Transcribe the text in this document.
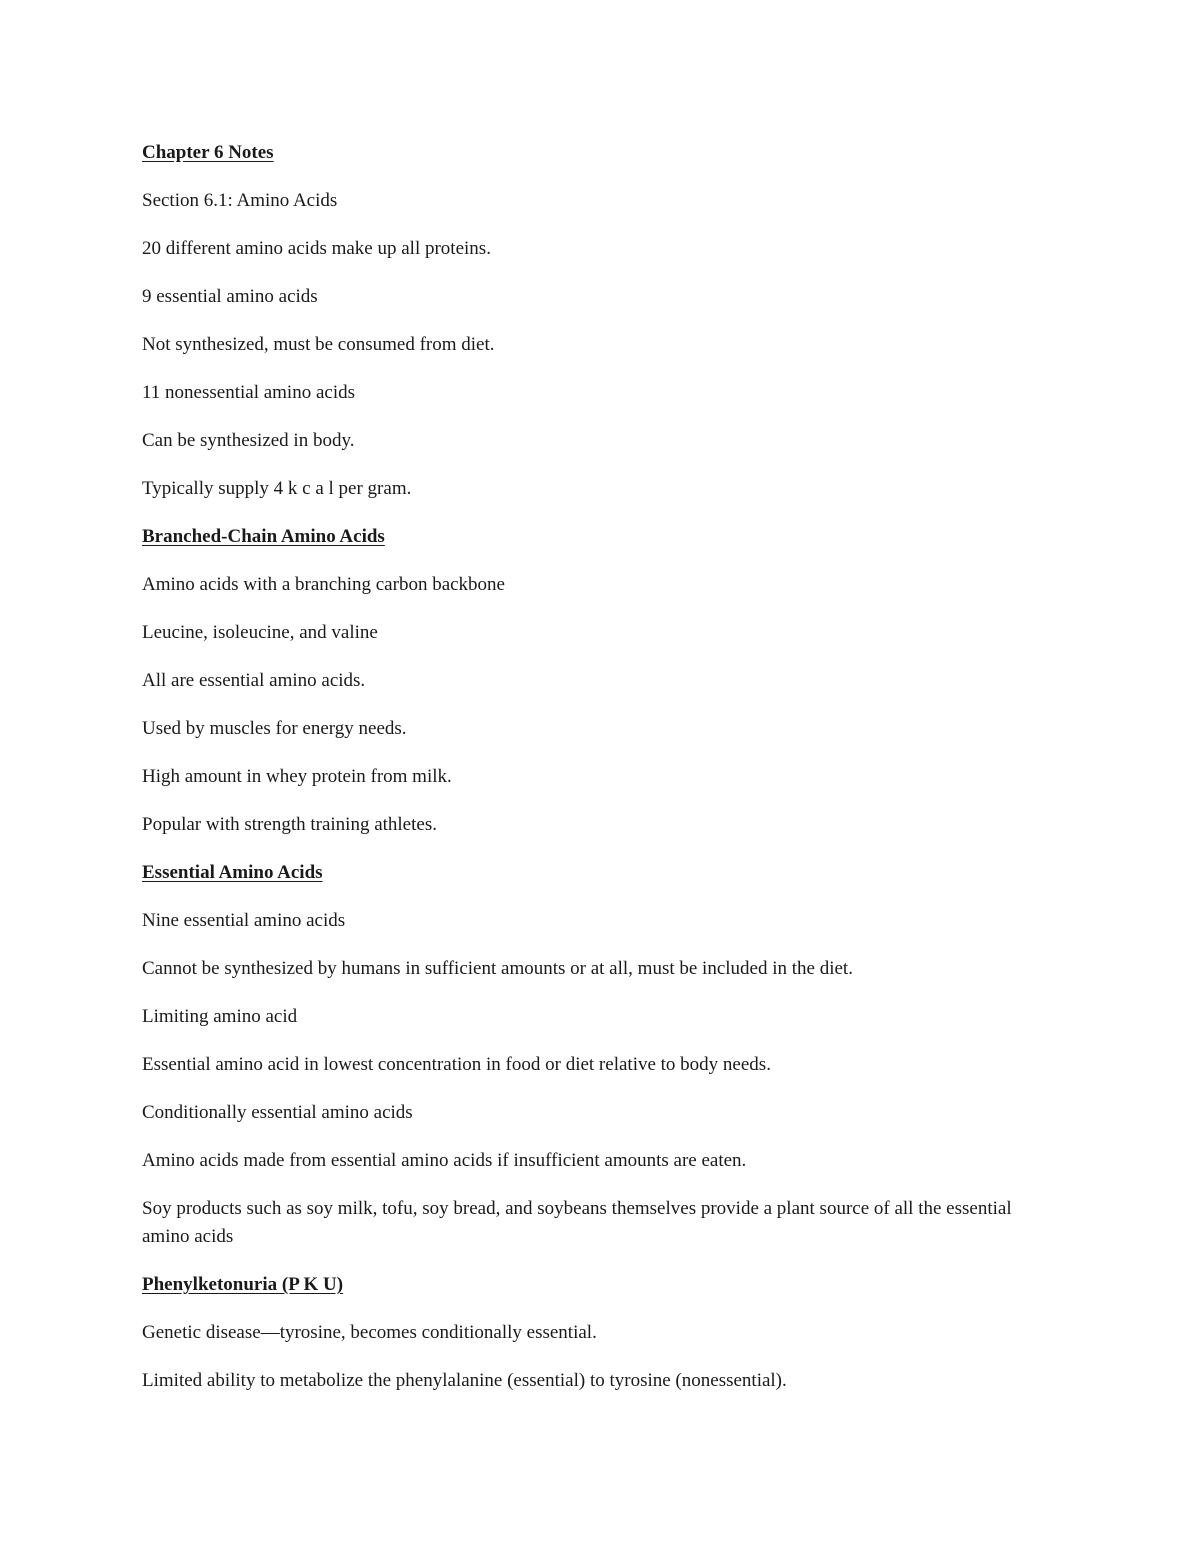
Chapter 6 Notes

Section 6.1: Amino Acids

20 different amino acids make up all proteins.

9 essential amino acids

Not synthesized, must be consumed from diet.

11 nonessential amino acids

Can be synthesized in body.

Typically supply 4 k c a l per gram.

Branched-Chain Amino Acids

Amino acids with a branching carbon backbone

Leucine, isoleucine, and valine

All are essential amino acids.

Used by muscles for energy needs.

High amount in whey protein from milk.

Popular with strength training athletes.

Essential Amino Acids

Nine essential amino acids

Cannot be synthesized by humans in sufficient amounts or at all, must be included in the diet.

Limiting amino acid

Essential amino acid in lowest concentration in food or diet relative to body needs.

Conditionally essential amino acids

Amino acids made from essential amino acids if insufficient amounts are eaten.

Soy products such as soy milk, tofu, soy bread, and soybeans themselves provide a plant source of all the essential amino acids

Phenylketonuria (P K U)

Genetic disease—tyrosine, becomes conditionally essential.

Limited ability to metabolize the phenylalanine (essential) to tyrosine (nonessential).
